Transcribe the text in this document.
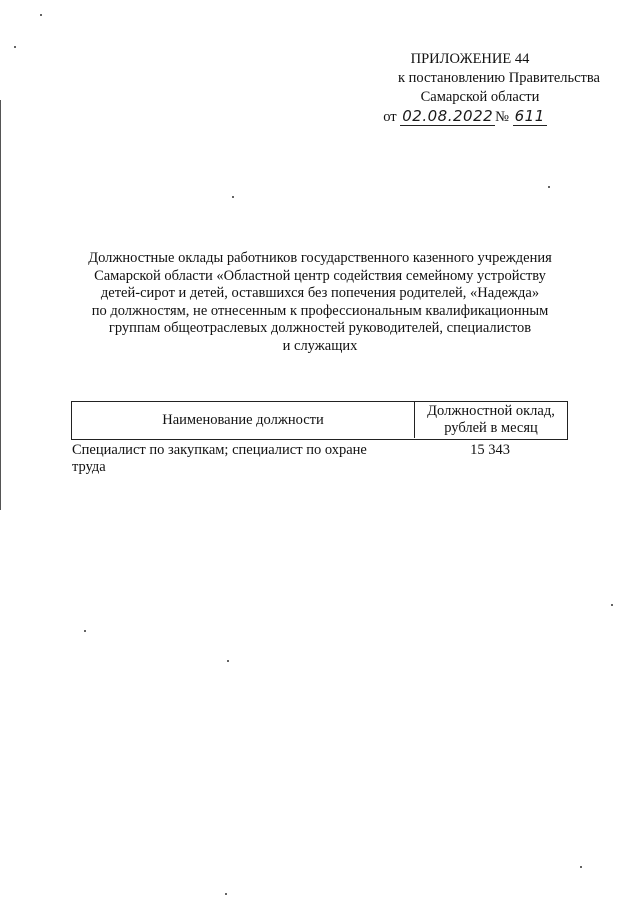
ПРИЛОЖЕНИЕ 44
к постановлению Правительства
Самарской области
от 02.08.2022 № 611
Должностные оклады работников государственного казенного учреждения
Самарской области «Областной центр содействия семейному устройству
детей-сирот и детей, оставшихся без попечения родителей, «Надежда»
по должностям, не отнесенным к профессиональным квалификационным
группам общеотраслевых должностей руководителей, специалистов
и служащих
Наименование должности
Должностной оклад,
рублей в месяц
Специалист по закупкам; специалист по охране
труда
15 343
